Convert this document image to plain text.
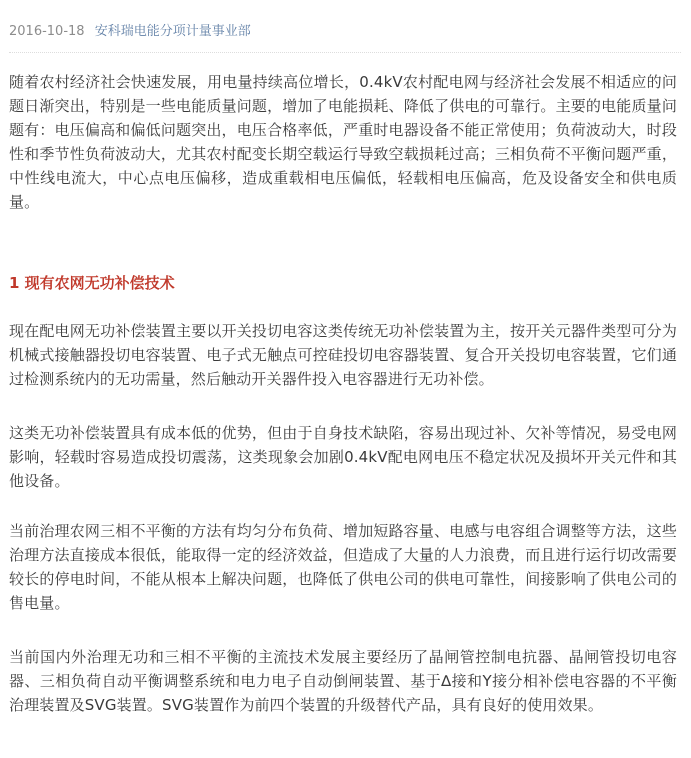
2016-10-18 安科瑞电能分项计量事业部

随着农村经济社会快速发展，用电量持续高位增长，0.4kV农村配电网与经济社会发展不相适应的问题日渐突出，特别是一些电能质量问题，增加了电能损耗、降低了供电的可靠行。主要的电能质量问题有：电压偏高和偏低问题突出，电压合格率低，严重时电器设备不能正常使用；负荷波动大，时段性和季节性负荷波动大，尤其农村配变长期空载运行导致空载损耗过高；三相负荷不平衡问题严重，中性线电流大，中心点电压偏移，造成重载相电压偏低，轻载相电压偏高，危及设备安全和供电质量。

1 现有农网无功补偿技术

现在配电网无功补偿装置主要以开关投切电容这类传统无功补偿装置为主，按开关元器件类型可分为机械式接触器投切电容装置、电子式无触点可控硅投切电容器装置、复合开关投切电容装置，它们通过检测系统内的无功需量，然后触动开关器件投入电容器进行无功补偿。

这类无功补偿装置具有成本低的优势，但由于自身技术缺陷，容易出现过补、欠补等情况，易受电网影响，轻载时容易造成投切震荡，这类现象会加剧0.4kV配电网电压不稳定状况及损坏开关元件和其他设备。

当前治理农网三相不平衡的方法有均匀分布负荷、增加短路容量、电感与电容组合调整等方法，这些治理方法直接成本很低，能取得一定的经济效益，但造成了大量的人力浪费，而且进行运行切改需要较长的停电时间，不能从根本上解决问题，也降低了供电公司的供电可靠性，间接影响了供电公司的售电量。

当前国内外治理无功和三相不平衡的主流技术发展主要经历了晶闸管控制电抗器、晶闸管投切电容器、三相负荷自动平衡调整系统和电力电子自动倒闸装置、基于∆接和Y接分相补偿电容器的不平衡治理装置及SVG装置。SVG装置作为前四个装置的升级替代产品，具有良好的使用效果。
